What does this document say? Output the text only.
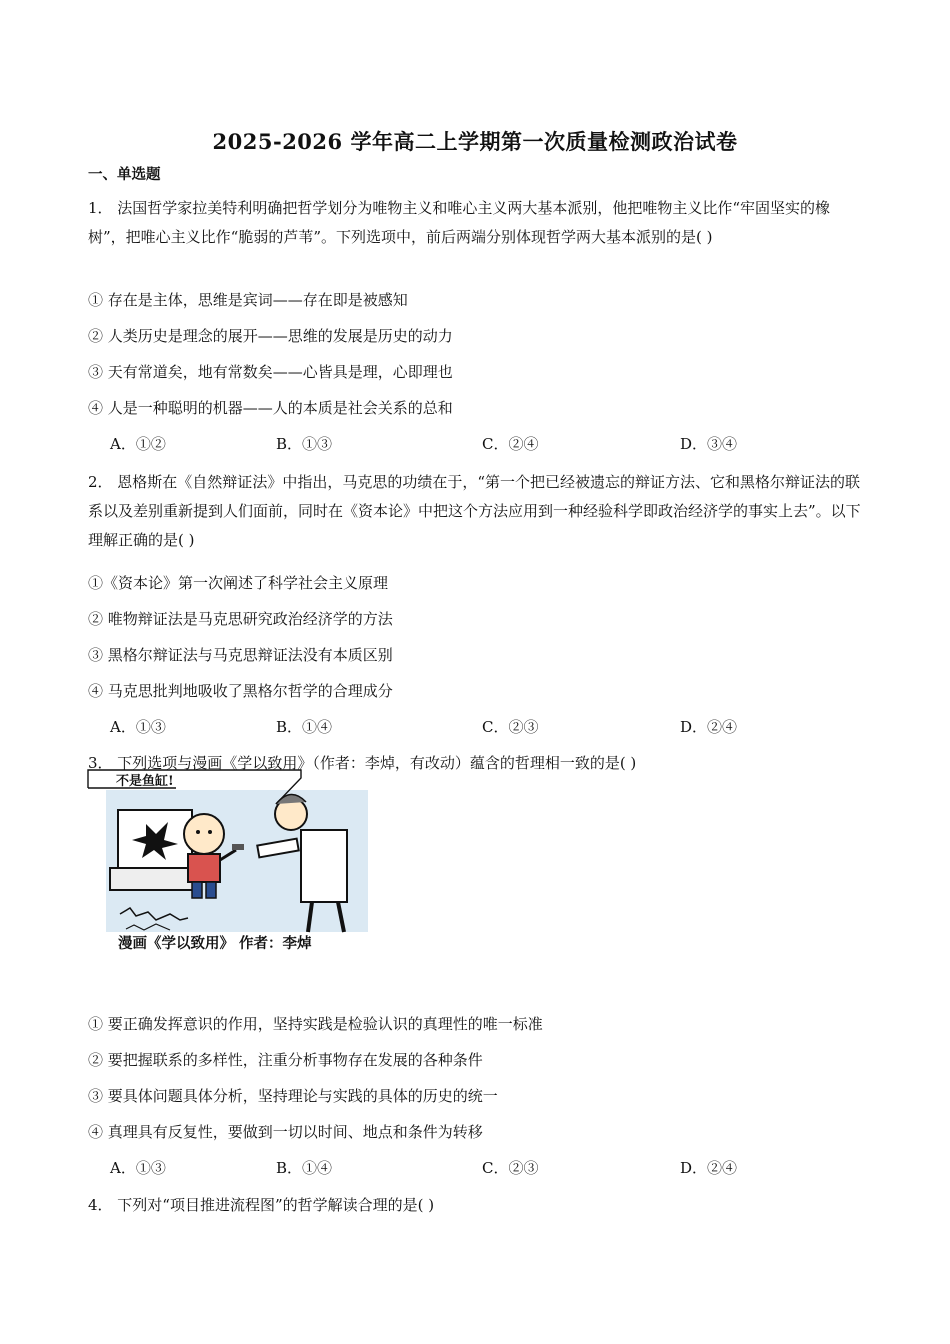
2025-2026 学年高二上学期第一次质量检测政治试卷
一、单选题
1． 法国哲学家拉美特利明确把哲学划分为唯物主义和唯心主义两大基本派别，他把唯物主义比作“牢固坚实的橡树”，把唯心主义比作“脆弱的芦苇”。下列选项中，前后两端分别体现哲学两大基本派别的是( )
① 存在是主体，思维是宾词——存在即是被感知
② 人类历史是理念的展开——思维的发展是历史的动力
③ 天有常道矣，地有常数矣——心皆具是理，心即理也
④ 人是一种聪明的机器——人的本质是社会关系的总和
A．①②	B．①③	C．②④	D．③④
2． 恩格斯在《自然辩证法》中指出，马克思的功绩在于，“第一个把已经被遗忘的辩证方法、它和黑格尔辩证法的联系以及差别重新提到人们面前，同时在《资本论》中把这个方法应用到一种经验科学即政治经济学的事实上去”。以下理解正确的是( )
①《资本论》第一次阐述了科学社会主义原理
② 唯物辩证法是马克思研究政治经济学的方法
③ 黑格尔辩证法与马克思辩证法没有本质区别
④ 马克思批判地吸收了黑格尔哲学的合理成分
A．①③	B．①④	C．②③	D．②④
3． 下列选项与漫画《学以致用》（作者：李焯，有改动）蕴含的哲理相一致的是( )
不是鱼缸!
漫画《学以致用》 作者：李焯
① 要正确发挥意识的作用，坚持实践是检验认识的真理性的唯一标准
② 要把握联系的多样性，注重分析事物存在发展的各种条件
③ 要具体问题具体分析，坚持理论与实践的具体的历史的统一
④ 真理具有反复性，要做到一切以时间、地点和条件为转移
A．①③	B．①④	C．②③	D．②④
4． 下列对“项目推进流程图”的哲学解读合理的是( )
